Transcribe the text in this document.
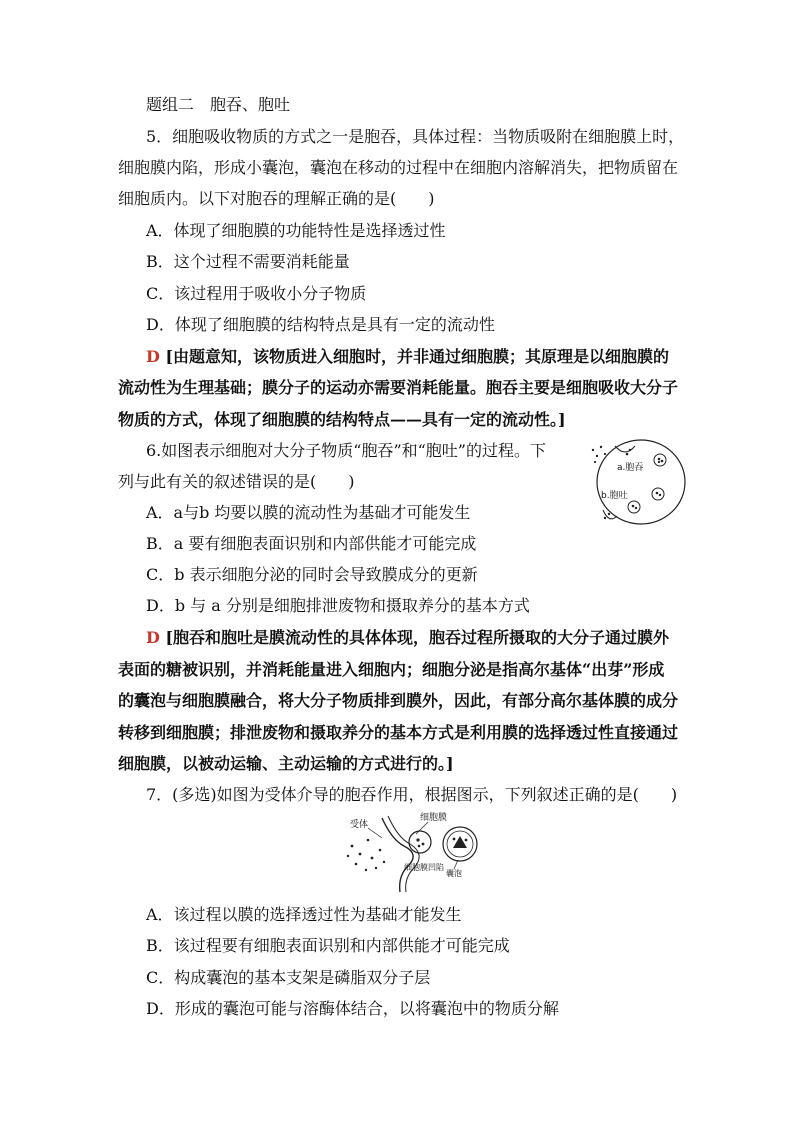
题组二　胞吞、胞吐
5．细胞吸收物质的方式之一是胞吞，具体过程：当物质吸附在细胞膜上时，
细胞膜内陷，形成小囊泡，囊泡在移动的过程中在细胞内溶解消失，把物质留在
细胞质内。以下对胞吞的理解正确的是(　　)
A．体现了细胞膜的功能特性是选择透过性
B．这个过程不需要消耗能量
C．该过程用于吸收小分子物质
D．体现了细胞膜的结构特点是具有一定的流动性
D [由题意知，该物质进入细胞时，并非通过细胞膜；其原理是以细胞膜的
流动性为生理基础；膜分子的运动亦需要消耗能量。胞吞主要是细胞吸收大分子
物质的方式，体现了细胞膜的结构特点——具有一定的流动性。]
6.如图表示细胞对大分子物质“胞吞”和“胞吐”的过程。下
列与此有关的叙述错误的是(　　)
A．a与b 均要以膜的流动性为基础才可能发生
B．a 要有细胞表面识别和内部供能才可能完成
C．b 表示细胞分泌的同时会导致膜成分的更新
D．b 与 a 分别是细胞排泄废物和摄取养分的基本方式
D [胞吞和胞吐是膜流动性的具体体现，胞吞过程所摄取的大分子通过膜外
表面的糖被识别，并消耗能量进入细胞内；细胞分泌是指高尔基体“出芽”形成
的囊泡与细胞膜融合，将大分子物质排到膜外，因此，有部分高尔基体膜的成分
转移到细胞膜；排泄废物和摄取养分的基本方式是利用膜的选择透过性直接通过
细胞膜，以被动运输、主动运输的方式进行的。]
a.胞吞
b.胞吐
7．(多选)如图为受体介导的胞吞作用，根据图示，下列叙述正确的是(　　)
受体
细胞膜
细胞膜凹陷
囊泡
A．该过程以膜的选择透过性为基础才能发生
B．该过程要有细胞表面识别和内部供能才可能完成
C．构成囊泡的基本支架是磷脂双分子层
D．形成的囊泡可能与溶酶体结合，以将囊泡中的物质分解
